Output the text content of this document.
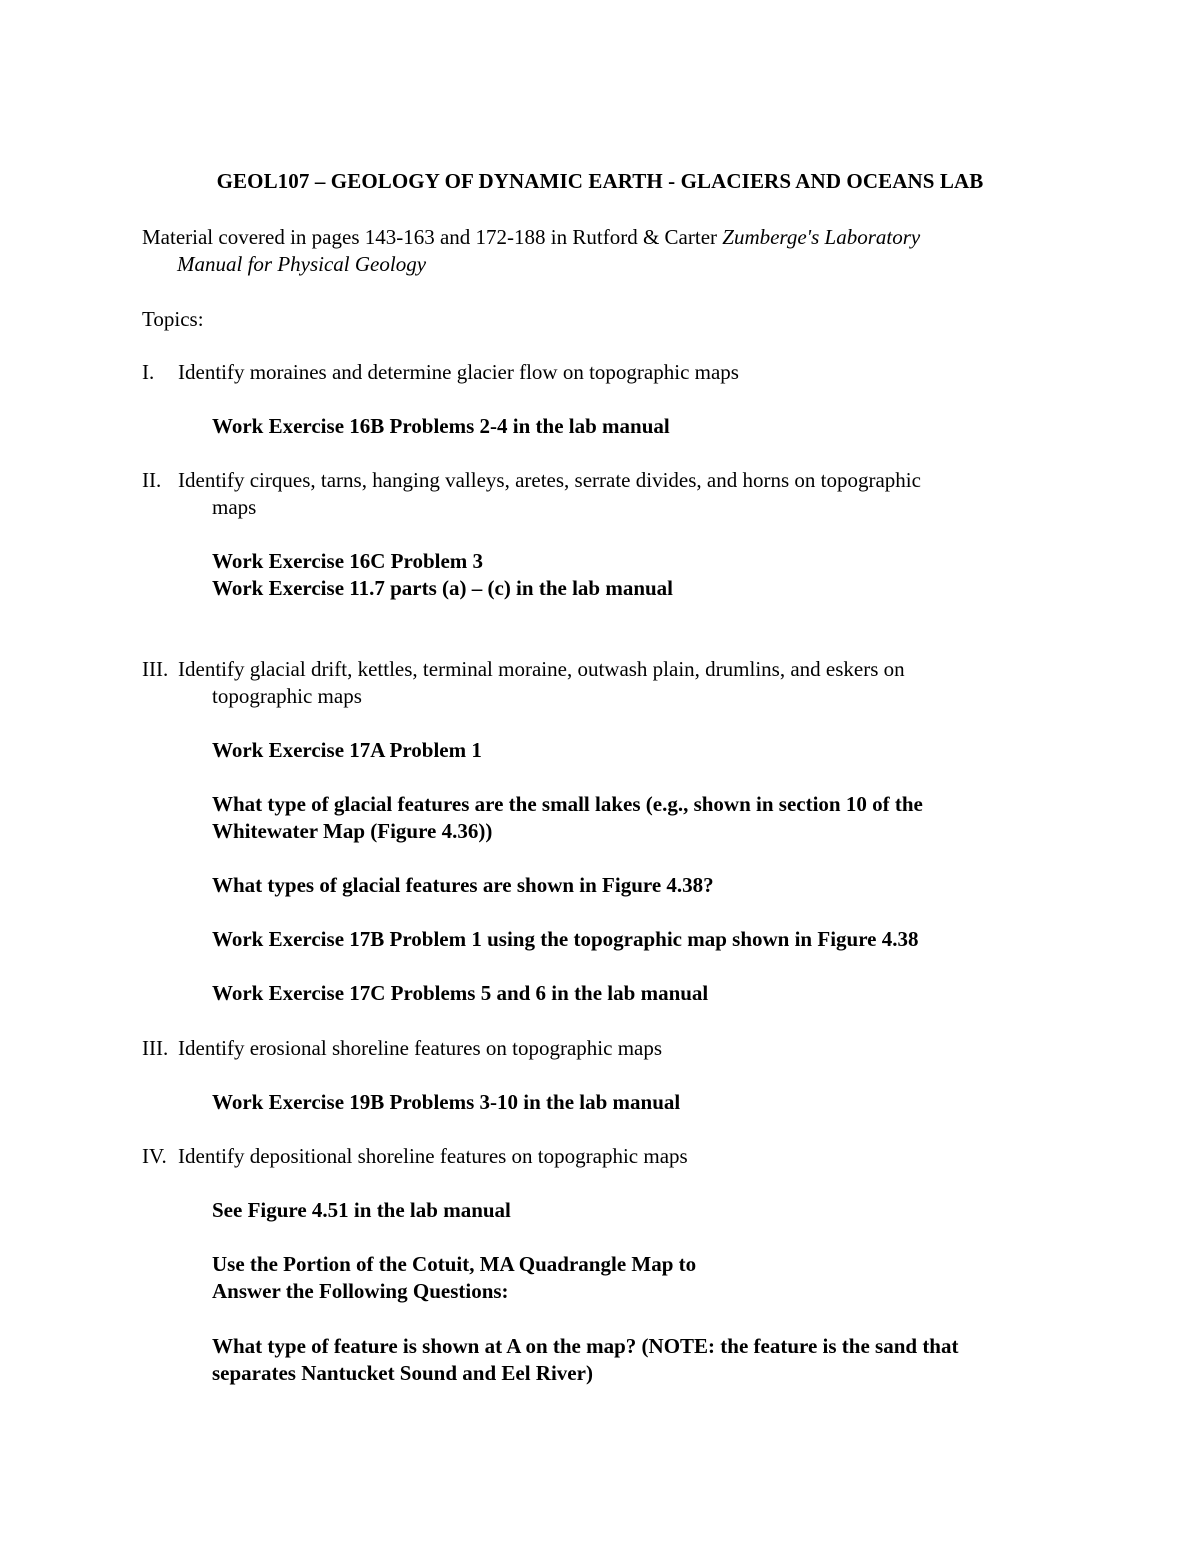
GEOL107 – GEOLOGY OF DYNAMIC EARTH - GLACIERS AND OCEANS LAB
Material covered in pages 143-163 and 172-188 in Rutford & Carter Zumberge's Laboratory
Manual for Physical Geology
Topics:
I. Identify moraines and determine glacier flow on topographic maps
Work Exercise 16B Problems 2-4 in the lab manual
II. Identify cirques, tarns, hanging valleys, aretes, serrate divides, and horns on topographic
maps
Work Exercise 16C Problem 3
Work Exercise 11.7 parts (a) – (c) in the lab manual
III. Identify glacial drift, kettles, terminal moraine, outwash plain, drumlins, and eskers on
topographic maps
Work Exercise 17A Problem 1
What type of glacial features are the small lakes (e.g., shown in section 10 of the
Whitewater Map (Figure 4.36))
What types of glacial features are shown in Figure 4.38?
Work Exercise 17B Problem 1 using the topographic map shown in Figure 4.38
Work Exercise 17C Problems 5 and 6 in the lab manual
III. Identify erosional shoreline features on topographic maps
Work Exercise 19B Problems 3-10 in the lab manual
IV. Identify depositional shoreline features on topographic maps
See Figure 4.51 in the lab manual
Use the Portion of the Cotuit, MA Quadrangle Map to
Answer the Following Questions:
What type of feature is shown at A on the map? (NOTE: the feature is the sand that
separates Nantucket Sound and Eel River)
